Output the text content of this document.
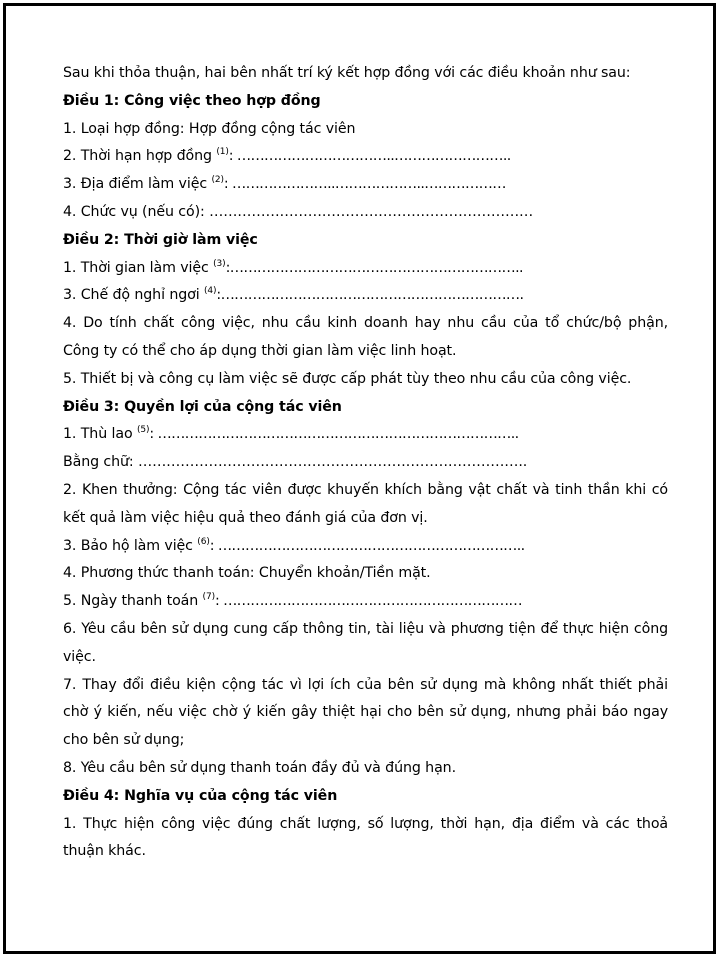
Sau khi thỏa thuận, hai bên nhất trí ký kết hợp đồng với các điều khoản như sau:
Điều 1: Công việc theo hợp đồng
1. Loại hợp đồng: Hợp đồng cộng tác viên
2. Thời hạn hợp đồng $^{(1)}$: ……………………………..……………………..
3. Địa điểm làm việc $^{(2)}$: …………………..………………..………………
4. Chức vụ (nếu có): ……………………………………………………………
Điều 2: Thời giờ làm việc
1. Thời gian làm việc $^{(3)}$:………………………………………………………..
3. Chế độ nghỉ ngơi $^{(4)}$:………………………………………………………….
4. Do tính chất công việc, nhu cầu kinh doanh hay nhu cầu của tổ chức/bộ phận, Công ty có thể cho áp dụng thời gian làm việc linh hoạt.
5. Thiết bị và công cụ làm việc sẽ được cấp phát tùy theo nhu cầu của công việc.
Điều 3: Quyền lợi của cộng tác viên
1. Thù lao $^{(5)}$: ……………………………………………………………………..
Bằng chữ: ………………………………………………………………………..
2. Khen thưởng: Cộng tác viên được khuyến khích bằng vật chất và tinh thần khi có kết quả làm việc hiệu quả theo đánh giá của đơn vị.
3. Bảo hộ làm việc $^{(6)}$: …………………………………………………………..
4. Phương thức thanh toán: Chuyển khoản/Tiền mặt.
5. Ngày thanh toán $^{(7)}$: …………………………………………………………
6. Yêu cầu bên sử dụng cung cấp thông tin, tài liệu và phương tiện để thực hiện công việc.
7. Thay đổi điều kiện cộng tác vì lợi ích của bên sử dụng mà không nhất thiết phải chờ ý kiến, nếu việc chờ ý kiến gây thiệt hại cho bên sử dụng, nhưng phải báo ngay cho bên sử dụng;
8. Yêu cầu bên sử dụng thanh toán đầy đủ và đúng hạn.
Điều 4: Nghĩa vụ của cộng tác viên
1. Thực hiện công việc đúng chất lượng, số lượng, thời hạn, địa điểm và các thoả thuận khác.
